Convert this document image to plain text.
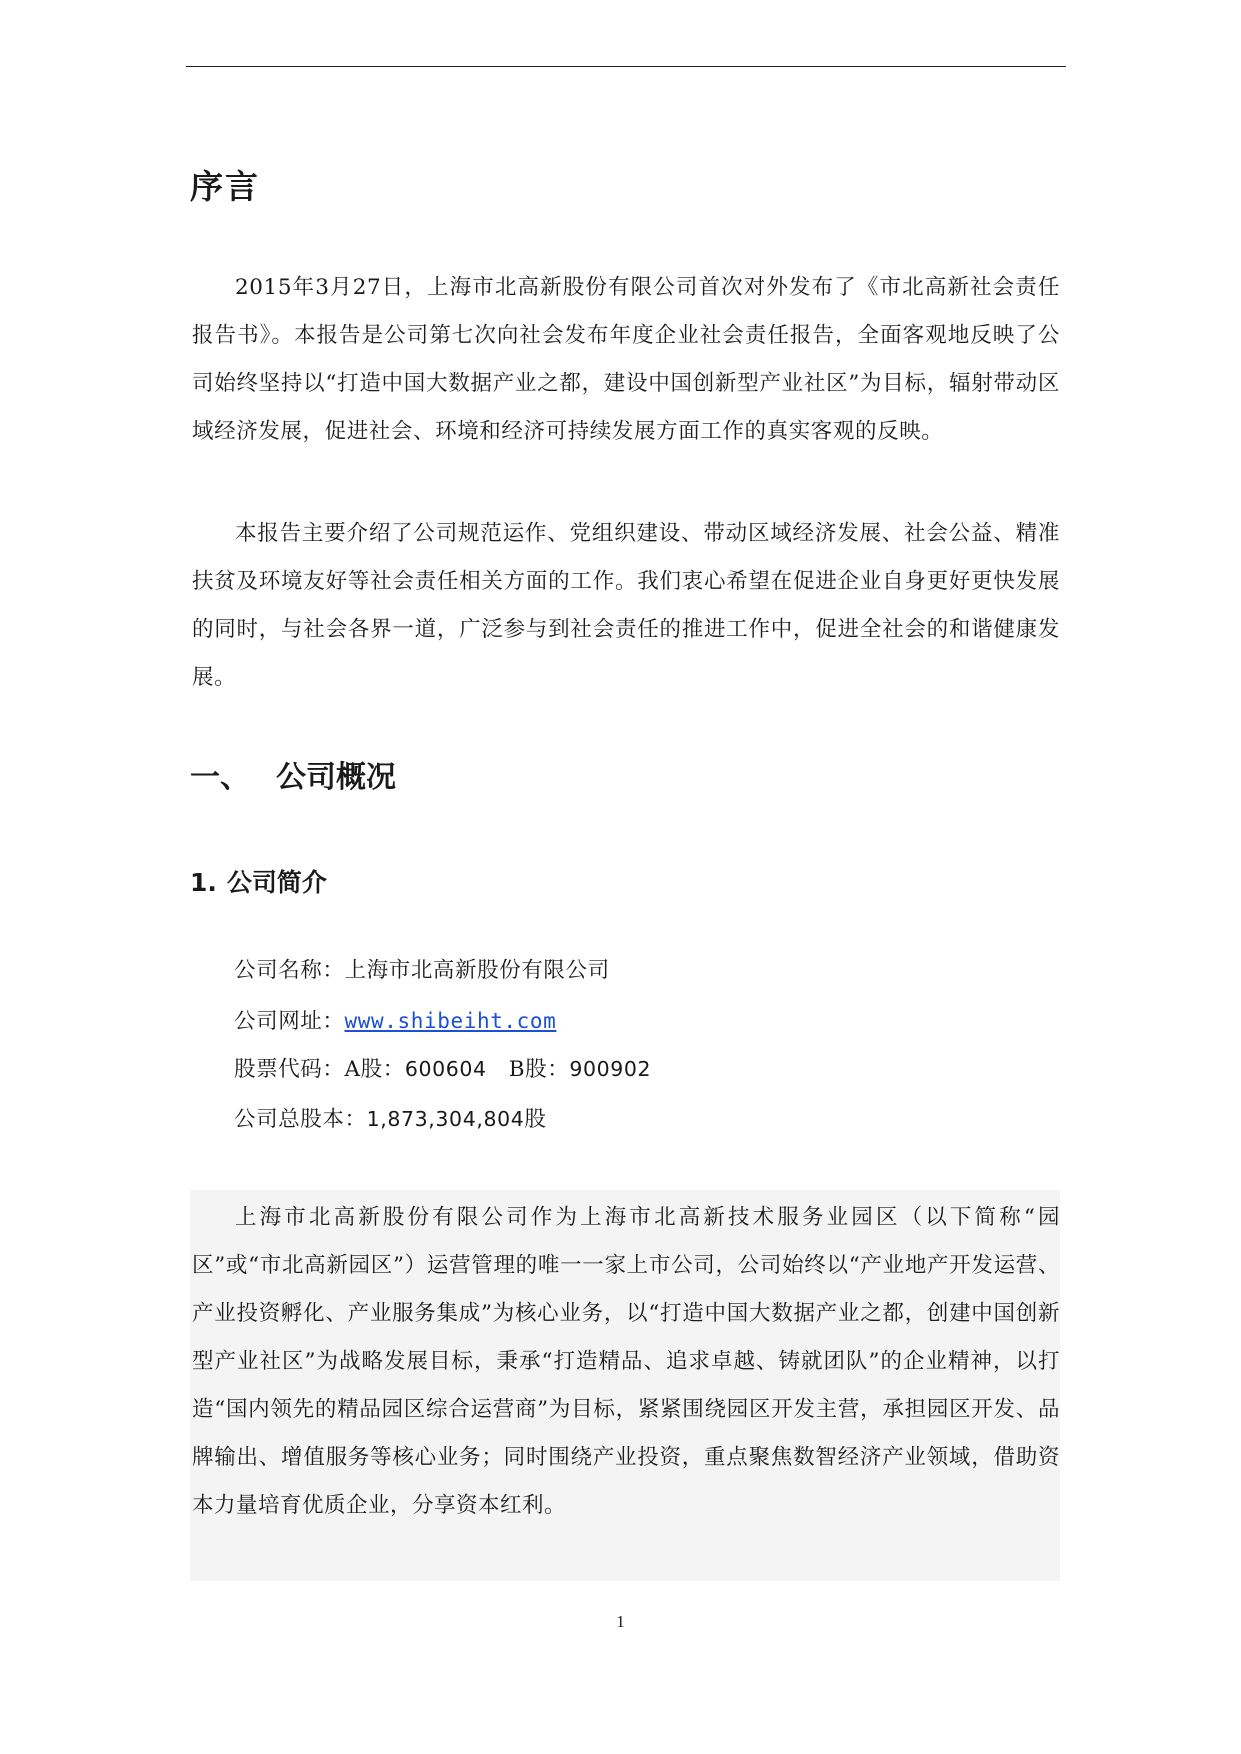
序言

2015年3月27日，上海市北高新股份有限公司首次对外发布了《市北高新社会责任报告书》。本报告是公司第七次向社会发布年度企业社会责任报告，全面客观地反映了公司始终坚持以“打造中国大数据产业之都，建设中国创新型产业社区”为目标，辐射带动区域经济发展，促进社会、环境和经济可持续发展方面工作的真实客观的反映。

本报告主要介绍了公司规范运作、党组织建设、带动区域经济发展、社会公益、精准扶贫及环境友好等社会责任相关方面的工作。我们衷心希望在促进企业自身更好更快发展的同时，与社会各界一道，广泛参与到社会责任的推进工作中，促进全社会的和谐健康发展。

一、 公司概况
1. 公司简介

公司名称：上海市北高新股份有限公司

公司网址：www.shibeiht.com

股票代码：A股：600604 B股：900902

公司总股本：1,873,304,804股

上海市北高新股份有限公司作为上海市北高新技术服务业园区（以下简称“园区”或“市北高新园区”）运营管理的唯一一家上市公司，公司始终以“产业地产开发运营、产业投资孵化、产业服务集成”为核心业务，以“打造中国大数据产业之都，创建中国创新型产业社区”为战略发展目标，秉承“打造精品、追求卓越、铸就团队”的企业精神，以打造“国内领先的精品园区综合运营商”为目标，紧紧围绕园区开发主营，承担园区开发、品牌输出、增值服务等核心业务；同时围绕产业投资，重点聚焦数智经济产业领域，借助资本力量培育优质企业，分享资本红利。

1
